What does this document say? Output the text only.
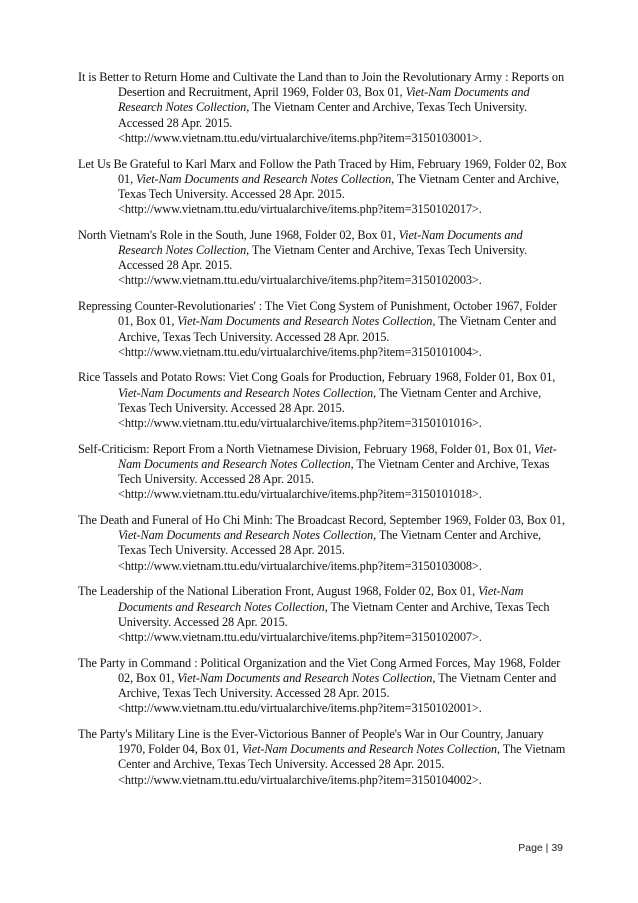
It is Better to Return Home and Cultivate the Land than to Join the Revolutionary Army : Reports on Desertion and Recruitment, April 1969, Folder 03, Box 01, Viet-Nam Documents and Research Notes Collection, The Vietnam Center and Archive, Texas Tech University. Accessed 28 Apr. 2015.
<http://www.vietnam.ttu.edu/virtualarchive/items.php?item=3150103001>.

Let Us Be Grateful to Karl Marx and Follow the Path Traced by Him, February 1969, Folder 02, Box 01, Viet-Nam Documents and Research Notes Collection, The Vietnam Center and Archive, Texas Tech University. Accessed 28 Apr. 2015.
<http://www.vietnam.ttu.edu/virtualarchive/items.php?item=3150102017>.

North Vietnam's Role in the South, June 1968, Folder 02, Box 01, Viet-Nam Documents and Research Notes Collection, The Vietnam Center and Archive, Texas Tech University. Accessed 28 Apr. 2015.
<http://www.vietnam.ttu.edu/virtualarchive/items.php?item=3150102003>.

Repressing Counter-Revolutionaries' : The Viet Cong System of Punishment, October 1967, Folder 01, Box 01, Viet-Nam Documents and Research Notes Collection, The Vietnam Center and Archive, Texas Tech University. Accessed 28 Apr. 2015.
<http://www.vietnam.ttu.edu/virtualarchive/items.php?item=3150101004>.

Rice Tassels and Potato Rows: Viet Cong Goals for Production, February 1968, Folder 01, Box 01, Viet-Nam Documents and Research Notes Collection, The Vietnam Center and Archive, Texas Tech University. Accessed 28 Apr. 2015.
<http://www.vietnam.ttu.edu/virtualarchive/items.php?item=3150101016>.

Self-Criticism: Report From a North Vietnamese Division, February 1968, Folder 01, Box 01, Viet-Nam Documents and Research Notes Collection, The Vietnam Center and Archive, Texas Tech University. Accessed 28 Apr. 2015.
<http://www.vietnam.ttu.edu/virtualarchive/items.php?item=3150101018>.

The Death and Funeral of Ho Chi Minh: The Broadcast Record, September 1969, Folder 03, Box 01, Viet-Nam Documents and Research Notes Collection, The Vietnam Center and Archive, Texas Tech University. Accessed 28 Apr. 2015.
<http://www.vietnam.ttu.edu/virtualarchive/items.php?item=3150103008>.

The Leadership of the National Liberation Front, August 1968, Folder 02, Box 01, Viet-Nam Documents and Research Notes Collection, The Vietnam Center and Archive, Texas Tech University. Accessed 28 Apr. 2015.
<http://www.vietnam.ttu.edu/virtualarchive/items.php?item=3150102007>.

The Party in Command : Political Organization and the Viet Cong Armed Forces, May 1968, Folder 02, Box 01, Viet-Nam Documents and Research Notes Collection, The Vietnam Center and Archive, Texas Tech University. Accessed 28 Apr. 2015.
<http://www.vietnam.ttu.edu/virtualarchive/items.php?item=3150102001>.

The Party's Military Line is the Ever-Victorious Banner of People's War in Our Country, January 1970, Folder 04, Box 01, Viet-Nam Documents and Research Notes Collection, The Vietnam Center and Archive, Texas Tech University. Accessed 28 Apr. 2015.
<http://www.vietnam.ttu.edu/virtualarchive/items.php?item=3150104002>.

Page | 39
